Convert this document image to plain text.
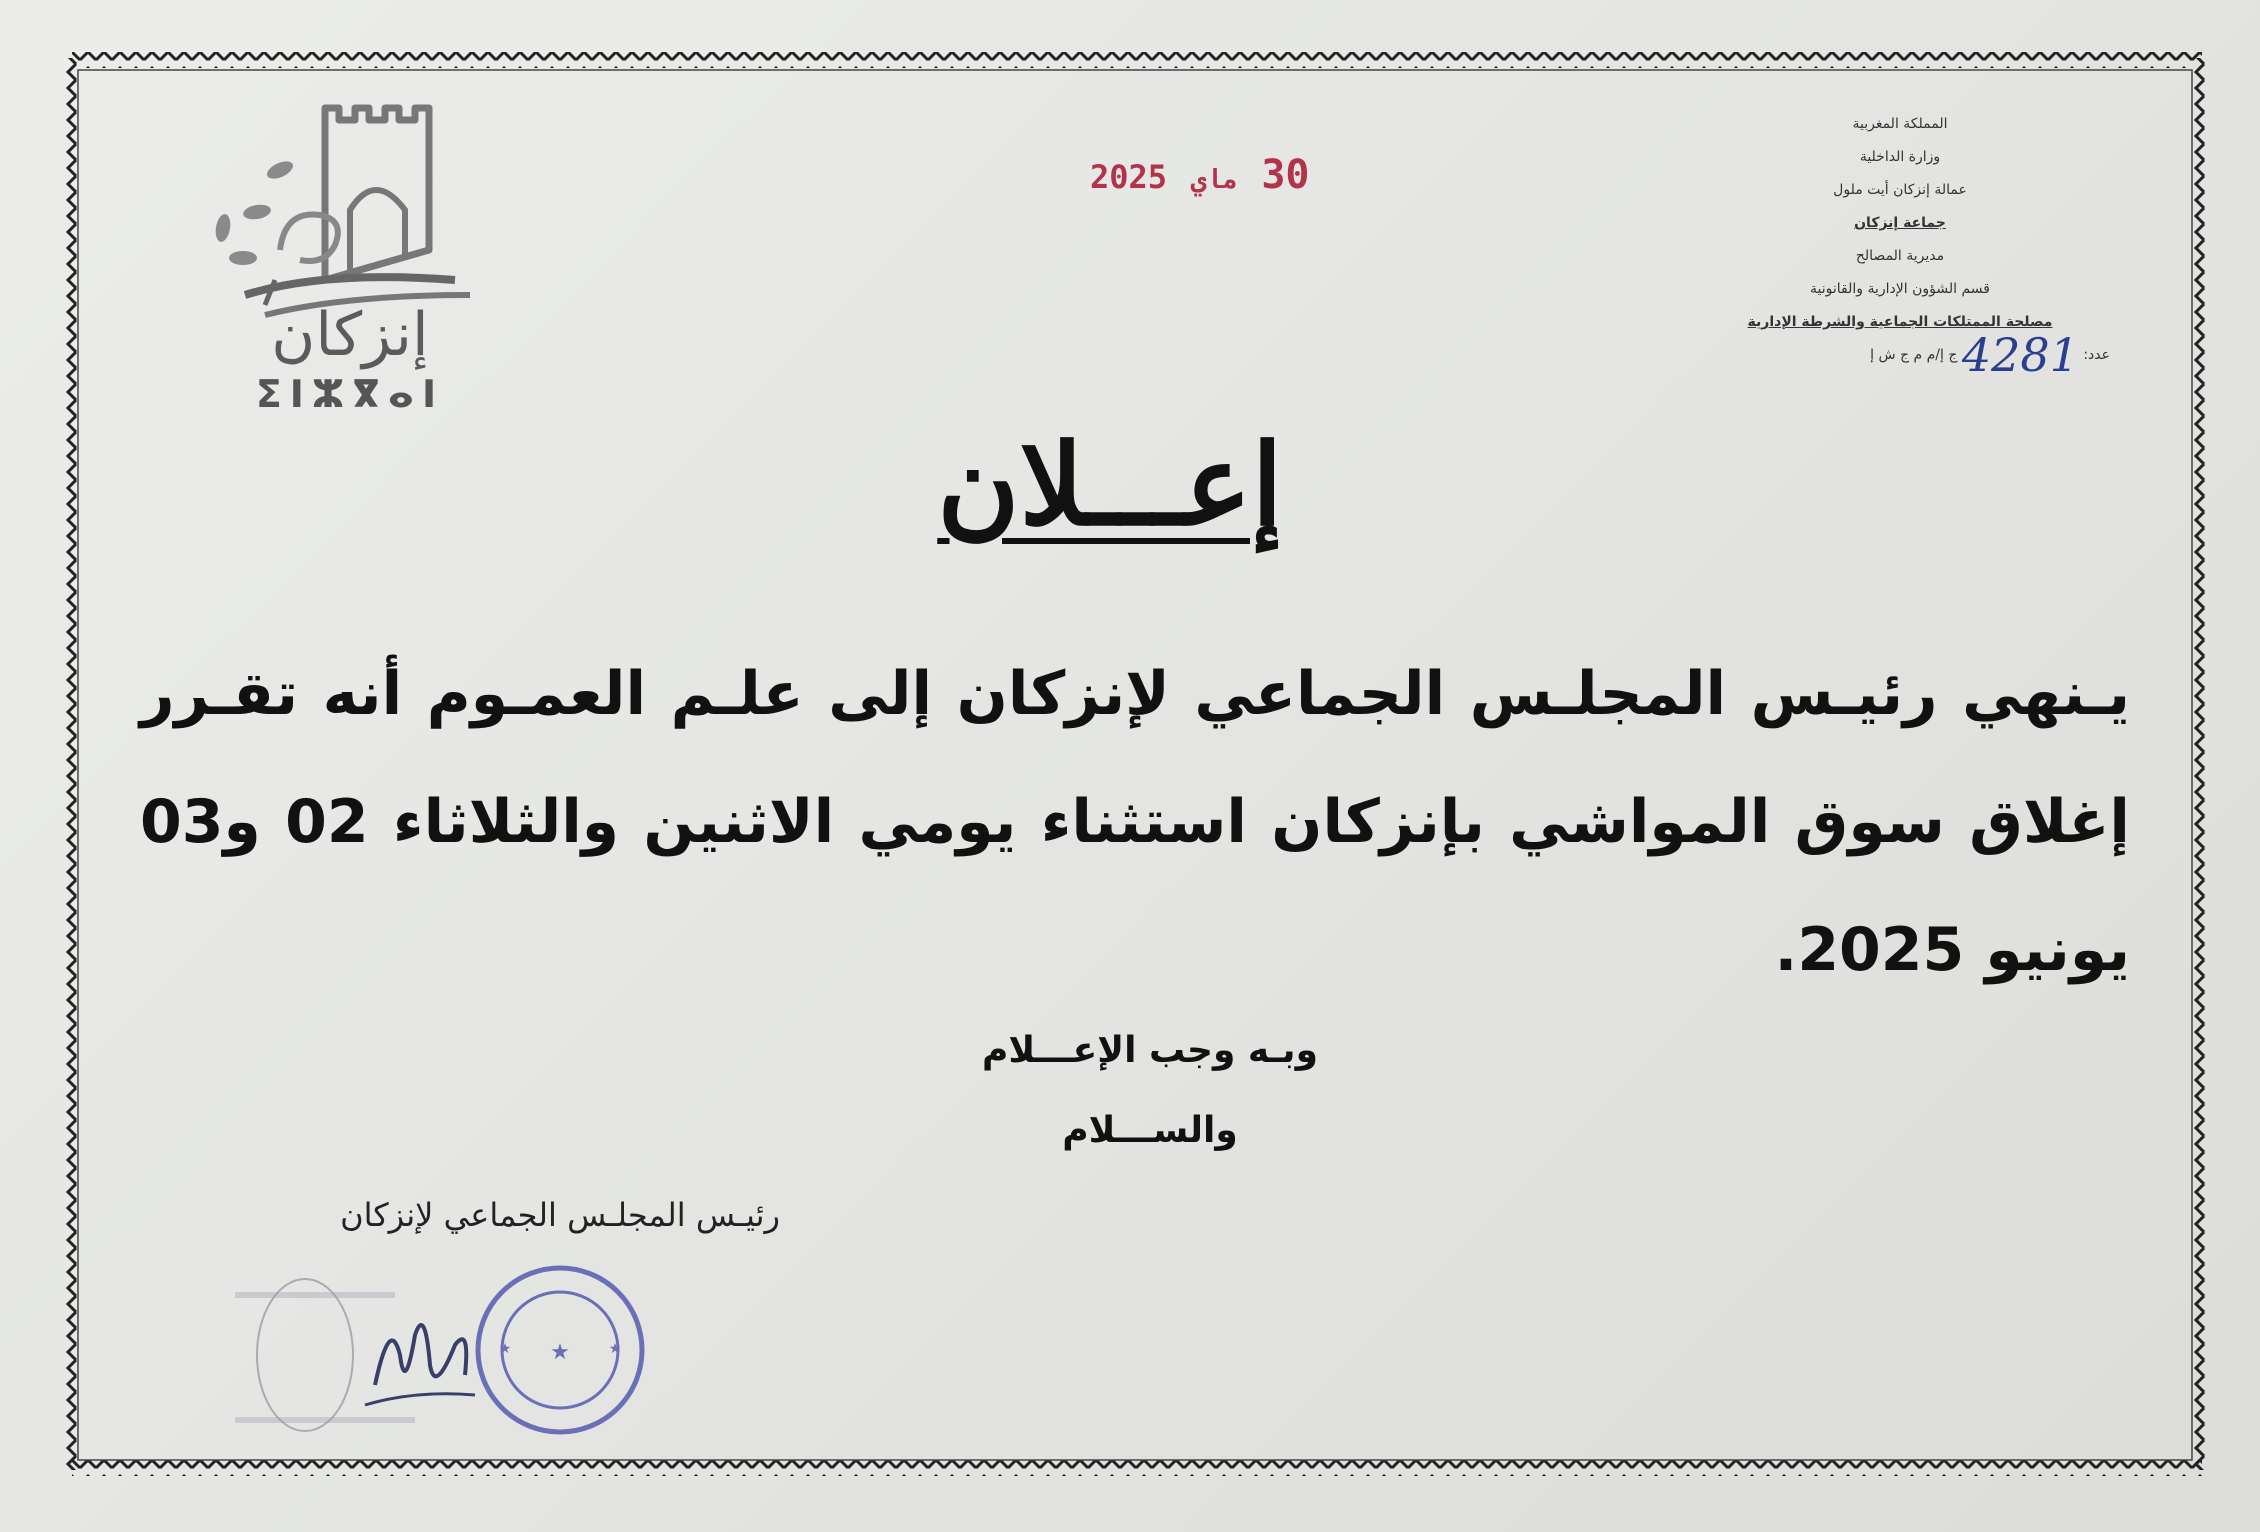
المملكة المغربية
وزارة الداخلية
عمالة إنزكان أيت ملول
جماعة إنزكان
مديرية المصالح
قسم الشؤون الإدارية والقانونية
مصلحة الممتلكات الجماعية والشرطة الإدارية
عدد: 4281 ج إ/م م ج ش إ
30 ماي 2025
إنزكان
ⵉⵏⵣⴳⴰⵏ
إعـــلان
يـنهي رئيـس المجلـس الجماعي لإنزكان إلى علـم العمـوم أنه تقـرر إغلاق سوق المواشي بإنزكان استثناء يومي الاثنين والثلاثاء 02 و03 يونيو 2025.
وبـه وجب الإعـــلام
والســـلام
رئيـس المجلـس الجماعي لإنزكان
★
★	★
